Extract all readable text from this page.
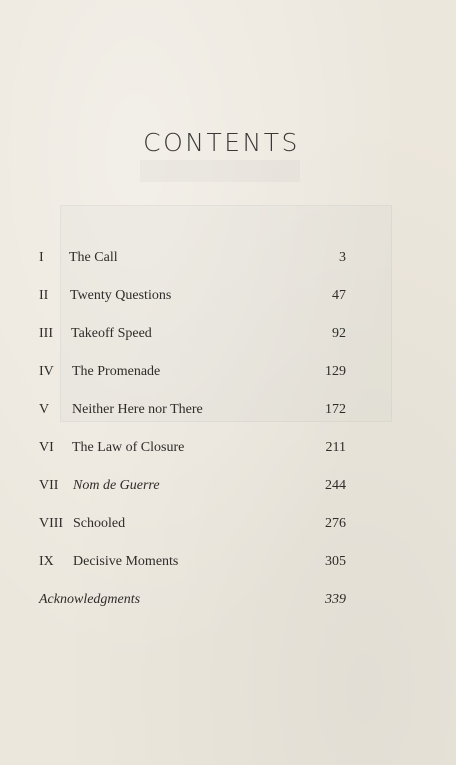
CONTENTS
I The Call	3
II Twenty Questions	47
III Takeoff Speed	92
IV The Promenade	129
V Neither Here nor There	172
VI The Law of Closure	211
VII Nom de Guerre	244
VIII Schooled	276
IX Decisive Moments	305
Acknowledgments	339
